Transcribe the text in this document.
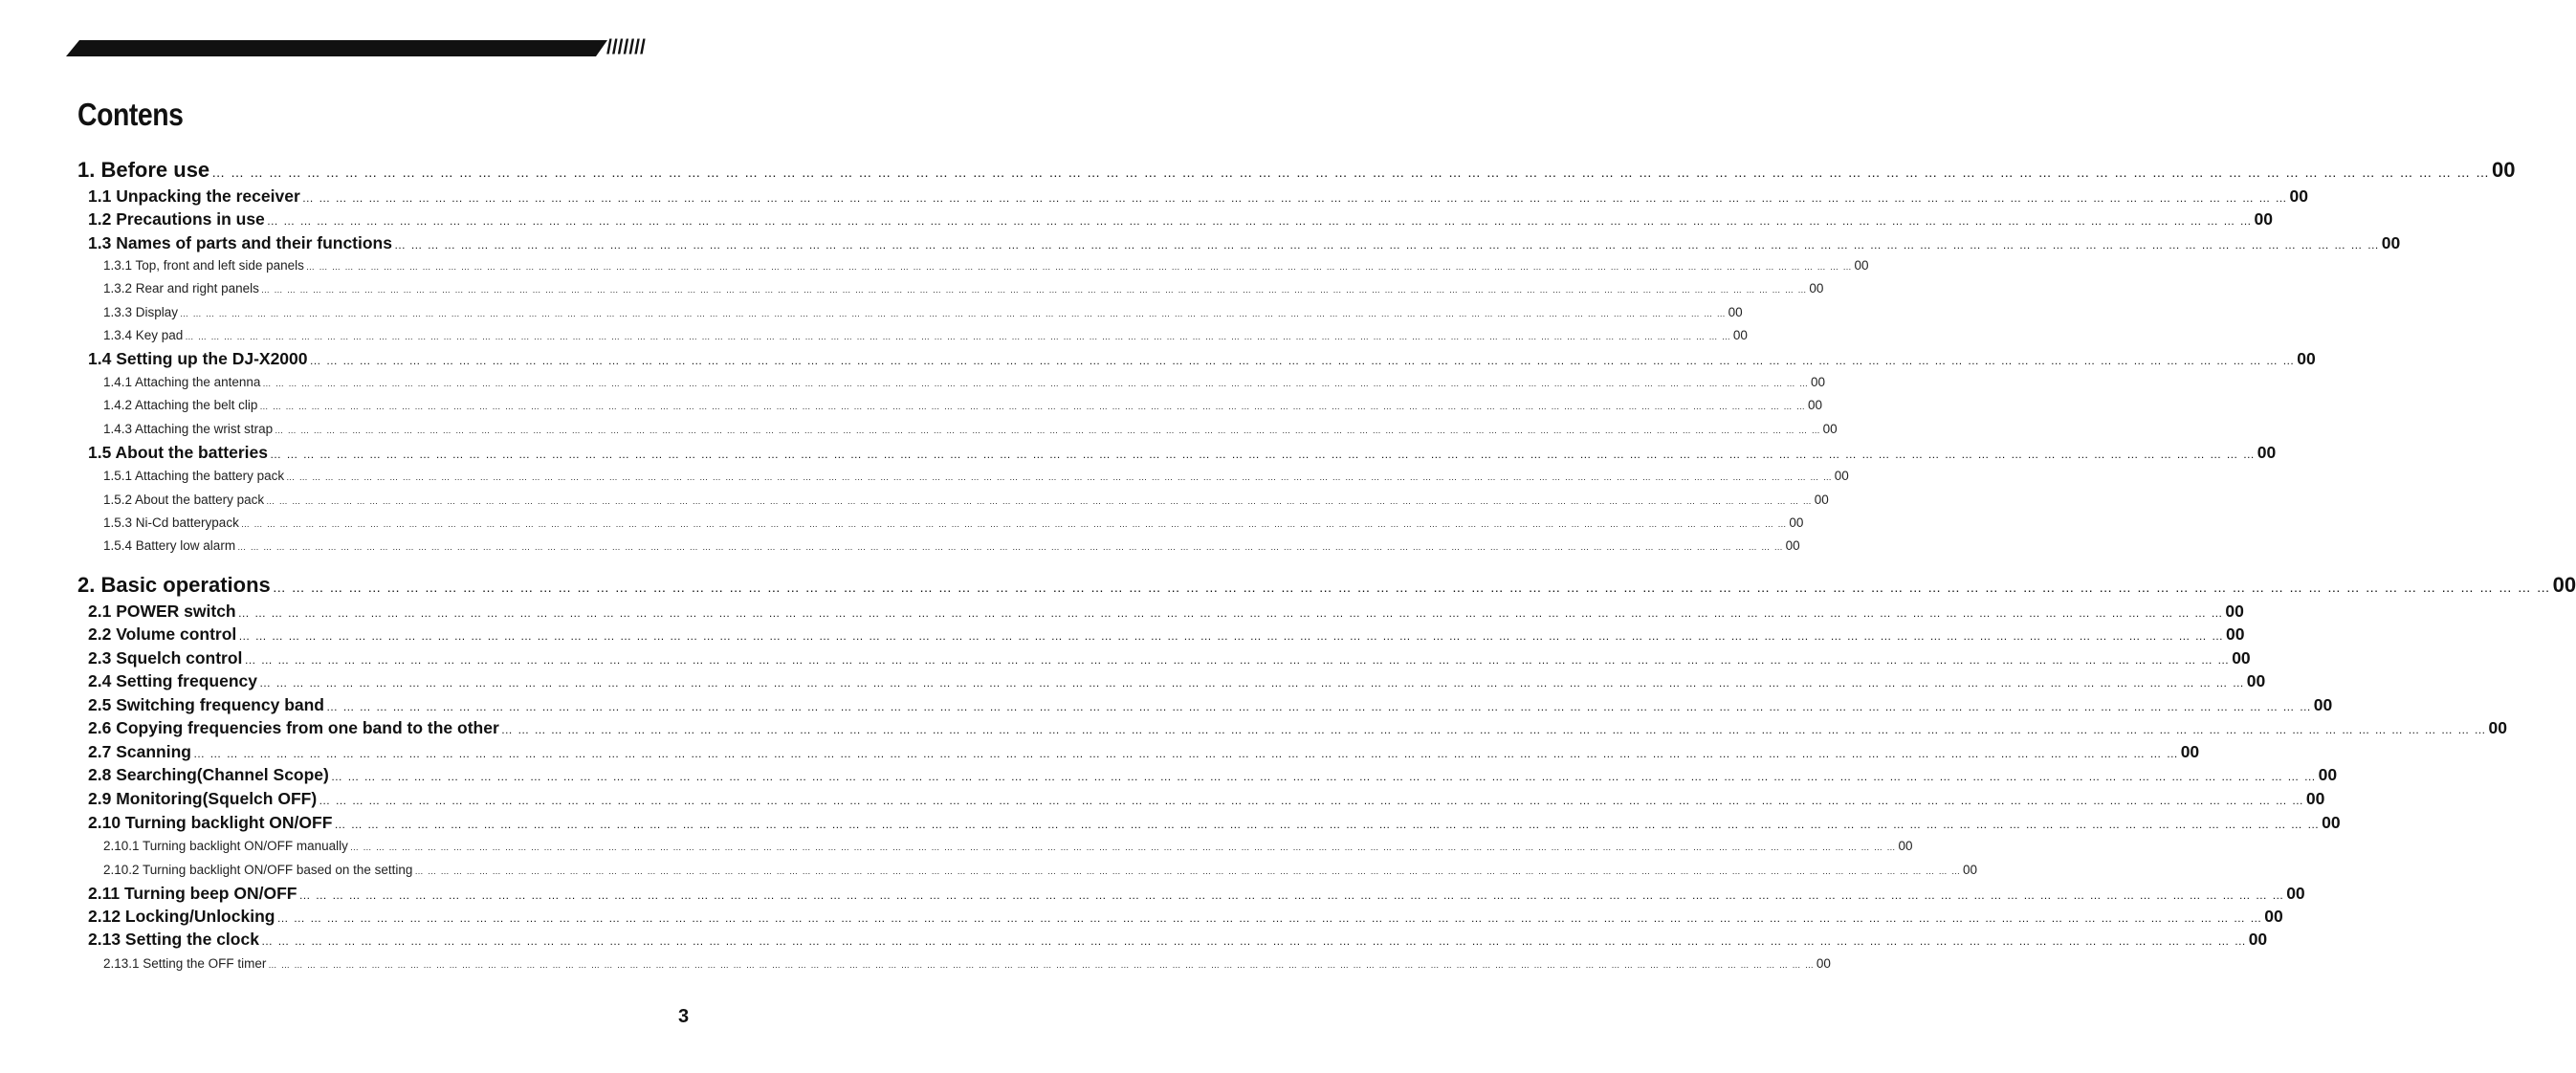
///////
Contens
1. Before use … … … … … … … … … … … … … … … … … … … … … … … … … … … … … … … … … … … … … … … … … … … … … … … … … … … … … … … … … … … … … … … … … … … … … … … … … … … … … … … … … … … … … … … … … … … … … … … … … … … … … … … … … … … … … … … … … … … … … … … … 00
1.1 Unpacking the receiver … … … … … … … … … … … … … … … … … … … … … … … … … … … … … … … … … … … … … … … … … … … … … … … … … … … … … … … … … … … … … … … … … … … … … … … … … … … … … … … … … … … … … … … … … … … … … … … … … … … … … … … … … … … … … … … … … … … … … … … … 00
1.2 Precautions in use … … … … … … … … … … … … … … … … … … … … … … … … … … … … … … … … … … … … … … … … … … … … … … … … … … … … … … … … … … … … … … … … … … … … … … … … … … … … … … … … … … … … … … … … … … … … … … … … … … … … … … … … … … … … … … … … … … … … … … … … 00
1.3 Names of parts and their functions … … … … … … … … … … … … … … … … … … … … … … … … … … … … … … … … … … … … … … … … … … … … … … … … … … … … … … … … … … … … … … … … … … … … … … … … … … … … … … … … … … … … … … … … … … … … … … … … … … … … … … … … … … … … … … … … … … … … … … … … 00
1.3.1 Top, front and left side panels … … … … … … … … … … … … … … … … … … … … … … … … … … … … … … … … … … … … … … … … … … … … … … … … … … … … … … … … … … … … … … … … … … … … … … … … … … … … … … … … … … … … … … … … … … … … … … … … … … … … … … … … … … … … … … … … … … … … … … … … 00
1.3.2 Rear and right panels … … … … … … … … … … … … … … … … … … … … … … … … … … … … … … … … … … … … … … … … … … … … … … … … … … … … … … … … … … … … … … … … … … … … … … … … … … … … … … … … … … … … … … … … … … … … … … … … … … … … … … … … … … … … … … … … … … … … … … … … 00
1.3.3 Display … … … … … … … … … … … … … … … … … … … … … … … … … … … … … … … … … … … … … … … … … … … … … … … … … … … … … … … … … … … … … … … … … … … … … … … … … … … … … … … … … … … … … … … … … … … … … … … … … … … … … … … … … … … … … … … … … … … … … … … … 00
1.3.4 Key pad … … … … … … … … … … … … … … … … … … … … … … … … … … … … … … … … … … … … … … … … … … … … … … … … … … … … … … … … … … … … … … … … … … … … … … … … … … … … … … … … … … … … … … … … … … … … … … … … … … … … … … … … … … … … … … … … … … … … … … … … 00
1.4 Setting up the DJ-X2000 … … … … … … … … … … … … … … … … … … … … … … … … … … … … … … … … … … … … … … … … … … … … … … … … … … … … … … … … … … … … … … … … … … … … … … … … … … … … … … … … … … … … … … … … … … … … … … … … … … … … … … … … … … … … … … … … … … … … … … … … 00
1.4.1 Attaching the antenna … … … … … … … … … … … … … … … … … … … … … … … … … … … … … … … … … … … … … … … … … … … … … … … … … … … … … … … … … … … … … … … … … … … … … … … … … … … … … … … … … … … … … … … … … … … … … … … … … … … … … … … … … … … … … … … … … … … … … … … … 00
1.4.2 Attaching the belt clip … … … … … … … … … … … … … … … … … … … … … … … … … … … … … … … … … … … … … … … … … … … … … … … … … … … … … … … … … … … … … … … … … … … … … … … … … … … … … … … … … … … … … … … … … … … … … … … … … … … … … … … … … … … … … … … … … … … … … … … … 00
1.4.3 Attaching the wrist strap … … … … … … … … … … … … … … … … … … … … … … … … … … … … … … … … … … … … … … … … … … … … … … … … … … … … … … … … … … … … … … … … … … … … … … … … … … … … … … … … … … … … … … … … … … … … … … … … … … … … … … … … … … … … … … … … … … … … … … … … 00
1.5 About the batteries … … … … … … … … … … … … … … … … … … … … … … … … … … … … … … … … … … … … … … … … … … … … … … … … … … … … … … … … … … … … … … … … … … … … … … … … … … … … … … … … … … … … … … … … … … … … … … … … … … … … … … … … … … … … … … … … … … … … … … … … 00
1.5.1 Attaching the battery pack … … … … … … … … … … … … … … … … … … … … … … … … … … … … … … … … … … … … … … … … … … … … … … … … … … … … … … … … … … … … … … … … … … … … … … … … … … … … … … … … … … … … … … … … … … … … … … … … … … … … … … … … … … … … … … … … … … … … … … … … 00
1.5.2 About the battery pack … … … … … … … … … … … … … … … … … … … … … … … … … … … … … … … … … … … … … … … … … … … … … … … … … … … … … … … … … … … … … … … … … … … … … … … … … … … … … … … … … … … … … … … … … … … … … … … … … … … … … … … … … … … … … … … … … … … … … … … … 00
1.5.3 Ni-Cd batterypack … … … … … … … … … … … … … … … … … … … … … … … … … … … … … … … … … … … … … … … … … … … … … … … … … … … … … … … … … … … … … … … … … … … … … … … … … … … … … … … … … … … … … … … … … … … … … … … … … … … … … … … … … … … … … … … … … … … … … … … … 00
1.5.4 Battery low alarm … … … … … … … … … … … … … … … … … … … … … … … … … … … … … … … … … … … … … … … … … … … … … … … … … … … … … … … … … … … … … … … … … … … … … … … … … … … … … … … … … … … … … … … … … … … … … … … … … … … … … … … … … … … … … … … … … … … … … … … … 00
2. Basic operations … … … … … … … … … … … … … … … … … … … … … … … … … … … … … … … … … … … … … … … … … … … … … … … … … … … … … … … … … … … … … … … … … … … … … … … … … … … … … … … … … … … … … … … … … … … … … … … … … … … … … … … … … … … … … … … … … … … … … … … … 00
2.1 POWER switch … … … … … … … … … … … … … … … … … … … … … … … … … … … … … … … … … … … … … … … … … … … … … … … … … … … … … … … … … … … … … … … … … … … … … … … … … … … … … … … … … … … … … … … … … … … … … … … … … … … … … … … … … … … … … … … … … … … … … … … … 00
2.2 Volume control … … … … … … … … … … … … … … … … … … … … … … … … … … … … … … … … … … … … … … … … … … … … … … … … … … … … … … … … … … … … … … … … … … … … … … … … … … … … … … … … … … … … … … … … … … … … … … … … … … … … … … … … … … … … … … … … … … … … … … … … 00
2.3 Squelch control … … … … … … … … … … … … … … … … … … … … … … … … … … … … … … … … … … … … … … … … … … … … … … … … … … … … … … … … … … … … … … … … … … … … … … … … … … … … … … … … … … … … … … … … … … … … … … … … … … … … … … … … … … … … … … … … … … … … … … … … 00
2.4 Setting frequency … … … … … … … … … … … … … … … … … … … … … … … … … … … … … … … … … … … … … … … … … … … … … … … … … … … … … … … … … … … … … … … … … … … … … … … … … … … … … … … … … … … … … … … … … … … … … … … … … … … … … … … … … … … … … … … … … … … … … … … … 00
2.5 Switching frequency band … … … … … … … … … … … … … … … … … … … … … … … … … … … … … … … … … … … … … … … … … … … … … … … … … … … … … … … … … … … … … … … … … … … … … … … … … … … … … … … … … … … … … … … … … … … … … … … … … … … … … … … … … … … … … … … … … … … … … … … … 00
2.6 Copying frequencies from one band to the other … … … … … … … … … … … … … … … … … … … … … … … … … … … … … … … … … … … … … … … … … … … … … … … … … … … … … … … … … … … … … … … … … … … … … … … … … … … … … … … … … … … … … … … … … … … … … … … … … … … … … … … … … … … … … … … … … … … … … … … … 00
2.7 Scanning … … … … … … … … … … … … … … … … … … … … … … … … … … … … … … … … … … … … … … … … … … … … … … … … … … … … … … … … … … … … … … … … … … … … … … … … … … … … … … … … … … … … … … … … … … … … … … … … … … … … … … … … … … … … … … … … … … … … … … … … 00
2.8 Searching(Channel Scope) … … … … … … … … … … … … … … … … … … … … … … … … … … … … … … … … … … … … … … … … … … … … … … … … … … … … … … … … … … … … … … … … … … … … … … … … … … … … … … … … … … … … … … … … … … … … … … … … … … … … … … … … … … … … … … … … … … … … … … … … 00
2.9 Monitoring(Squelch OFF) … … … … … … … … … … … … … … … … … … … … … … … … … … … … … … … … … … … … … … … … … … … … … … … … … … … … … … … … … … … … … … … … … … … … … … … … … … … … … … … … … … … … … … … … … … … … … … … … … … … … … … … … … … … … … … … … … … … … … … … … 00
2.10 Turning backlight ON/OFF … … … … … … … … … … … … … … … … … … … … … … … … … … … … … … … … … … … … … … … … … … … … … … … … … … … … … … … … … … … … … … … … … … … … … … … … … … … … … … … … … … … … … … … … … … … … … … … … … … … … … … … … … … … … … … … … … … … … … … … … 00
2.10.1 Turning backlight ON/OFF manually … … … … … … … … … … … … … … … … … … … … … … … … … … … … … … … … … … … … … … … … … … … … … … … … … … … … … … … … … … … … … … … … … … … … … … … … … … … … … … … … … … … … … … … … … … … … … … … … … … … … … … … … … … … … … … … … … … … … … … … … 00
2.10.2 Turning backlight ON/OFF based on the setting … … … … … … … … … … … … … … … … … … … … … … … … … … … … … … … … … … … … … … … … … … … … … … … … … … … … … … … … … … … … … … … … … … … … … … … … … … … … … … … … … … … … … … … … … … … … … … … … … … … … … … … … … … … … … … … … … … … … … … … … 00
2.11 Turning beep ON/OFF … … … … … … … … … … … … … … … … … … … … … … … … … … … … … … … … … … … … … … … … … … … … … … … … … … … … … … … … … … … … … … … … … … … … … … … … … … … … … … … … … … … … … … … … … … … … … … … … … … … … … … … … … … … … … … … … … … … … … … … … 00
2.12 Locking/Unlocking … … … … … … … … … … … … … … … … … … … … … … … … … … … … … … … … … … … … … … … … … … … … … … … … … … … … … … … … … … … … … … … … … … … … … … … … … … … … … … … … … … … … … … … … … … … … … … … … … … … … … … … … … … … … … … … … … … … … … … … … 00
2.13 Setting the clock … … … … … … … … … … … … … … … … … … … … … … … … … … … … … … … … … … … … … … … … … … … … … … … … … … … … … … … … … … … … … … … … … … … … … … … … … … … … … … … … … … … … … … … … … … … … … … … … … … … … … … … … … … … … … … … … … … … … … … … … 00
2.13.1 Setting the OFF timer … … … … … … … … … … … … … … … … … … … … … … … … … … … … … … … … … … … … … … … … … … … … … … … … … … … … … … … … … … … … … … … … … … … … … … … … … … … … … … … … … … … … … … … … … … … … … … … … … … … … … … … … … … … … … … … … … … … … … … … … 00
3
